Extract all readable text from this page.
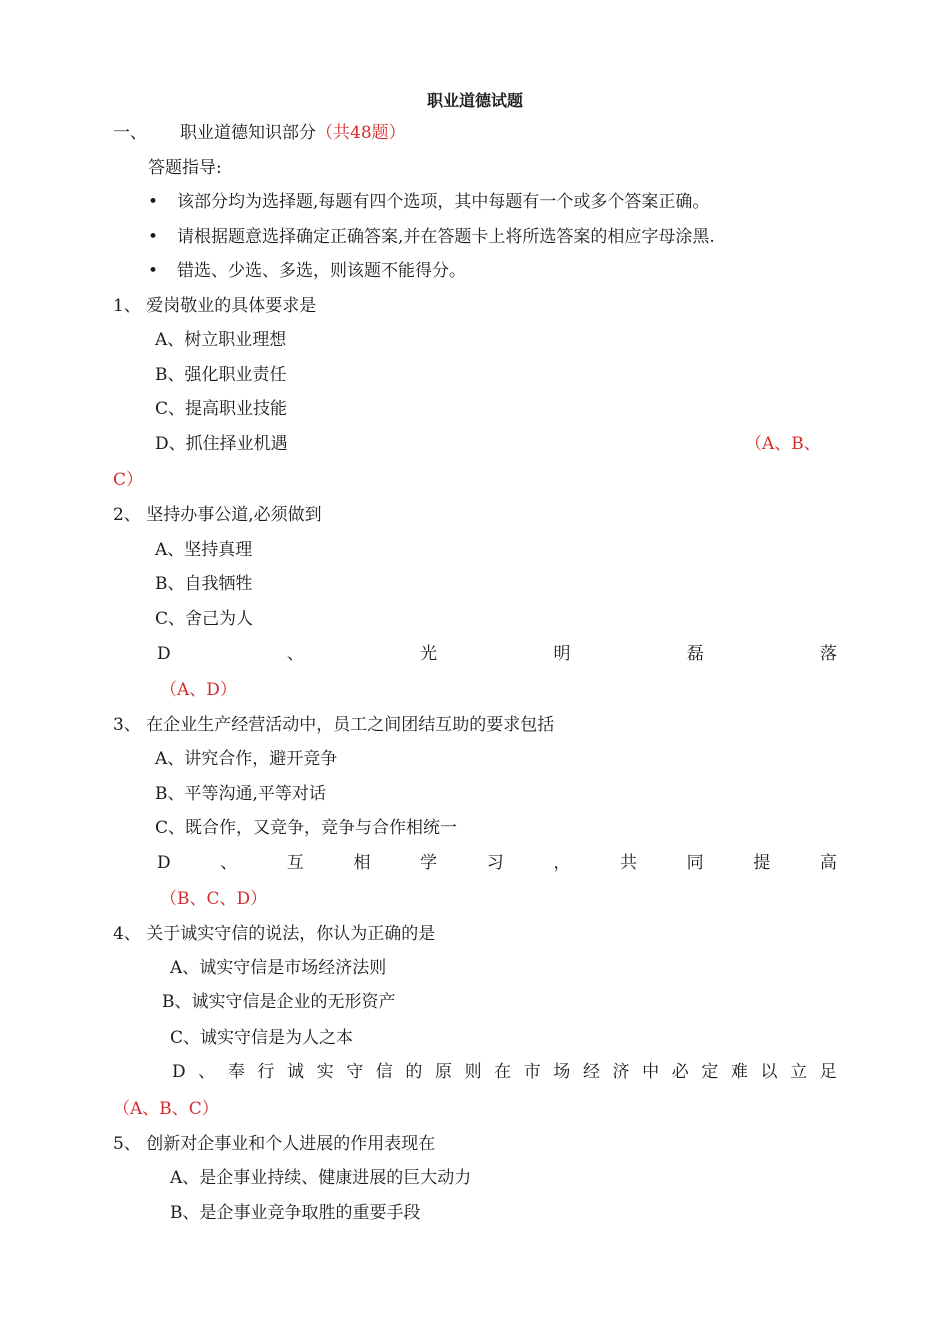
职业道德试题
一、 职业道德知识部分（共48题）
答题指导:
• 该部分均为选择题,每题有四个选项，其中每题有一个或多个答案正确。
• 请根据题意选择确定正确答案,并在答题卡上将所选答案的相应字母涂黑.
• 错选、少选、多选，则该题不能得分。
1、 爱岗敬业的具体要求是
A、树立职业理想
B、强化职业责任
C、提高职业技能
D、抓住择业机遇	（A、B、
C）
2、 坚持办事公道,必须做到
A、坚持真理
B、自我牺牲
C、舍己为人
D	、	光	明	磊	落
（A、D）
3、 在企业生产经营活动中，员工之间团结互助的要求包括
A、讲究合作，避开竞争
B、平等沟通,平等对话
C、既合作，又竞争，竞争与合作相统一
D	、	互	相	学	习	，	共	同	提	高
（B、C、D）
4、 关于诚实守信的说法，你认为正确的是
A、诚实守信是市场经济法则
B、诚实守信是企业的无形资产
C、诚实守信是为人之本
D 、 奉 行 诚 实 守 信 的 原 则 在 市 场 经 济 中 必 定 难 以 立 足
（A、B、C）
5、 创新对企事业和个人进展的作用表现在
A、是企事业持续、健康进展的巨大动力
B、是企事业竞争取胜的重要手段
